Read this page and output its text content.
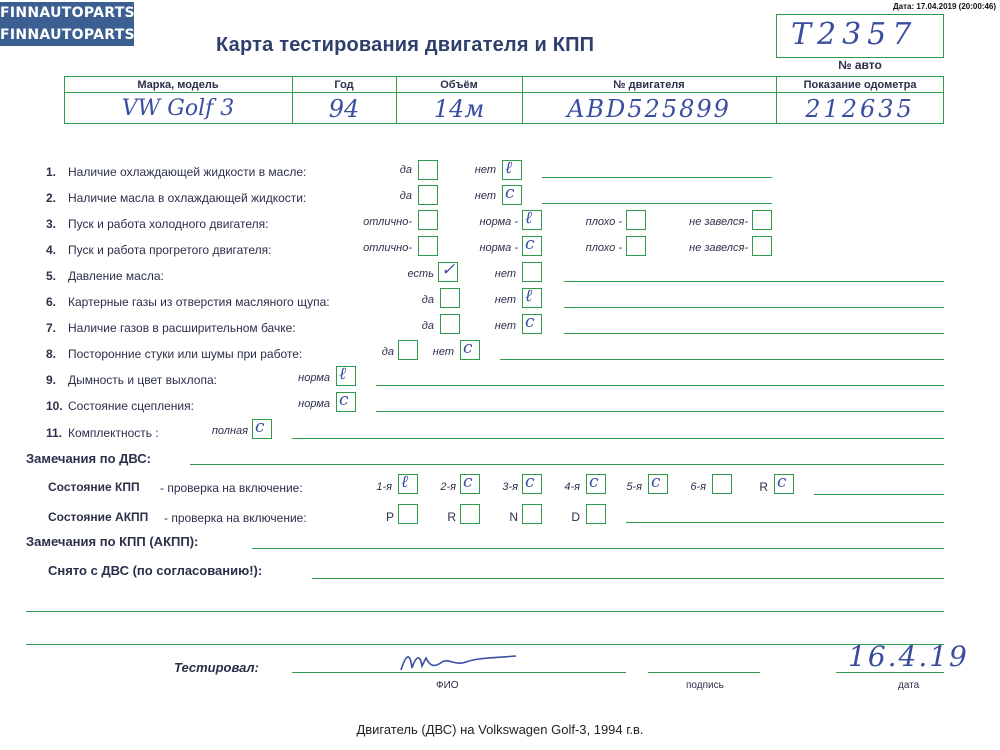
FINNAUTOPARTS
FINNAUTOPARTS
Дата: 17.04.2019 (20:00:46)
Карта тестирования двигателя и КПП	T2357
№ авто
Марка, модель	Год	Объём	№ двигателя	Показание одометра
VW Golf 3	94	14м	ABD525899	212635
1. Наличие охлаждающей жидкости в масле:	да	нет ℓ
2. Наличие масла в охлаждающей жидкости:	да	нет c
3. Пуск и работа холодного двигателя:	отлично-	норма - ℓ	плохо -	не завелся-
4. Пуск и работа прогретого двигателя:	отлично-	норма - c	плохо -	не завелся-
5. Давление масла:	есть ✓	нет
6. Картерные газы из отверстия масляного щупа:	да	нет ℓ
7. Наличие газов в расширительном бачке:	да	нет c
8. Посторонние стуки или шумы при работе:	да	нет c
9. Дымность и цвет выхлопа:	норма ℓ
10. Состояние сцепления:	норма c
11. Комплектность :	полная c
Замечания по ДВС:
Состояние КПП - проверка на включение:	1-я ℓ	2-я c	3-я c	4-я c	5-я c	6-я	R c
Состояние АКПП - проверка на включение:	P	R	N	D
Замечания по КПП (АКПП):
Снято с ДВС (по согласованию!):
Тестировал:	16.4.19
ФИО	подпись	дата
Двигатель (ДВС) на Volkswagen Golf-3, 1994 г.в.
